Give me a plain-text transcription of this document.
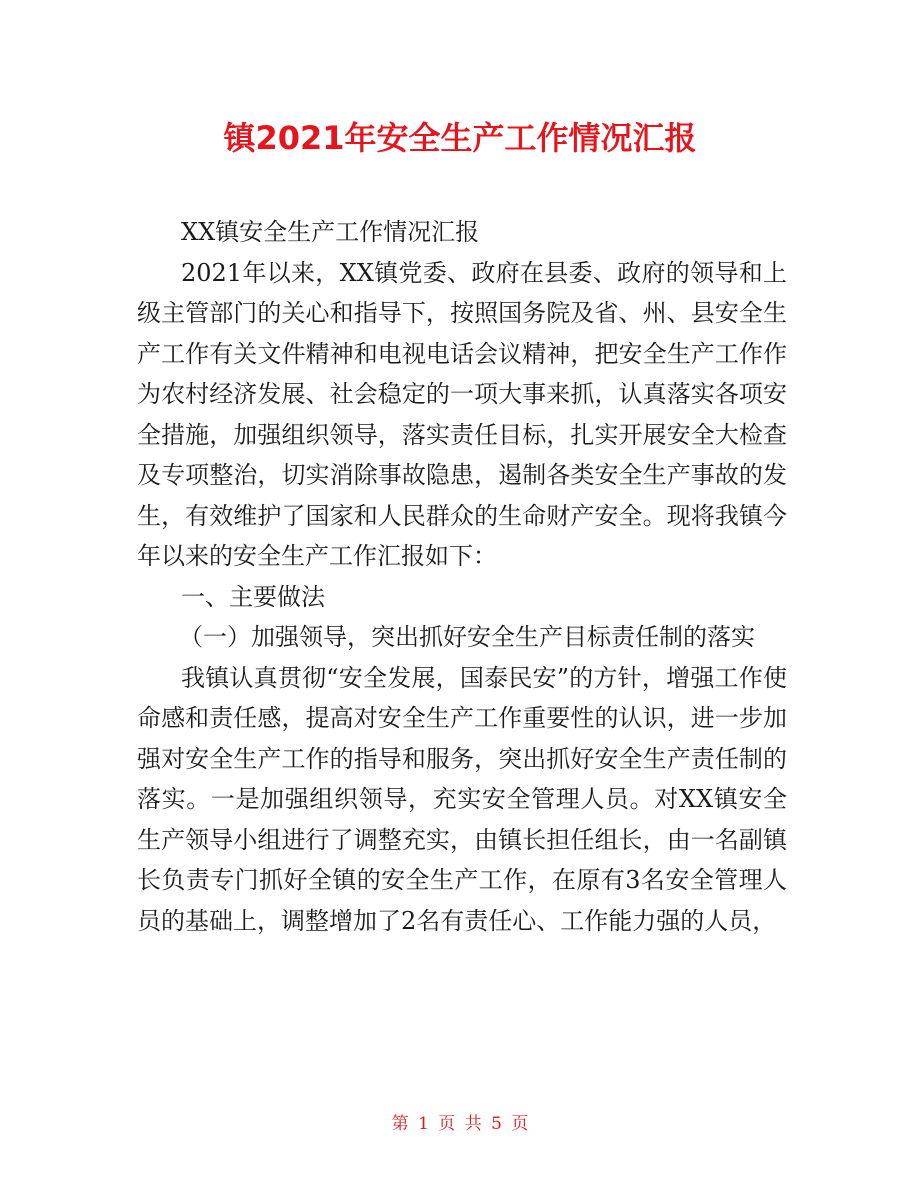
镇2021年安全生产工作情况汇报

XX镇安全生产工作情况汇报

2021年以来，XX镇党委、政府在县委、政府的领导和上级主管部门的关心和指导下，按照国务院及省、州、县安全生产工作有关文件精神和电视电话会议精神，把安全生产工作作为农村经济发展、社会稳定的一项大事来抓，认真落实各项安全措施，加强组织领导，落实责任目标，扎实开展安全大检查及专项整治，切实消除事故隐患，遏制各类安全生产事故的发生，有效维护了国家和人民群众的生命财产安全。现将我镇今年以来的安全生产工作汇报如下：

一、主要做法

（一）加强领导，突出抓好安全生产目标责任制的落实

我镇认真贯彻“安全发展，国泰民安”的方针，增强工作使命感和责任感，提高对安全生产工作重要性的认识，进一步加强对安全生产工作的指导和服务，突出抓好安全生产责任制的落实。一是加强组织领导，充实安全管理人员。对XX镇安全生产领导小组进行了调整充实，由镇长担任组长，由一名副镇长负责专门抓好全镇的安全生产工作，在原有3名安全管理人员的基础上，调整增加了2名有责任心、工作能力强的人员，

第 1 页 共 5 页
